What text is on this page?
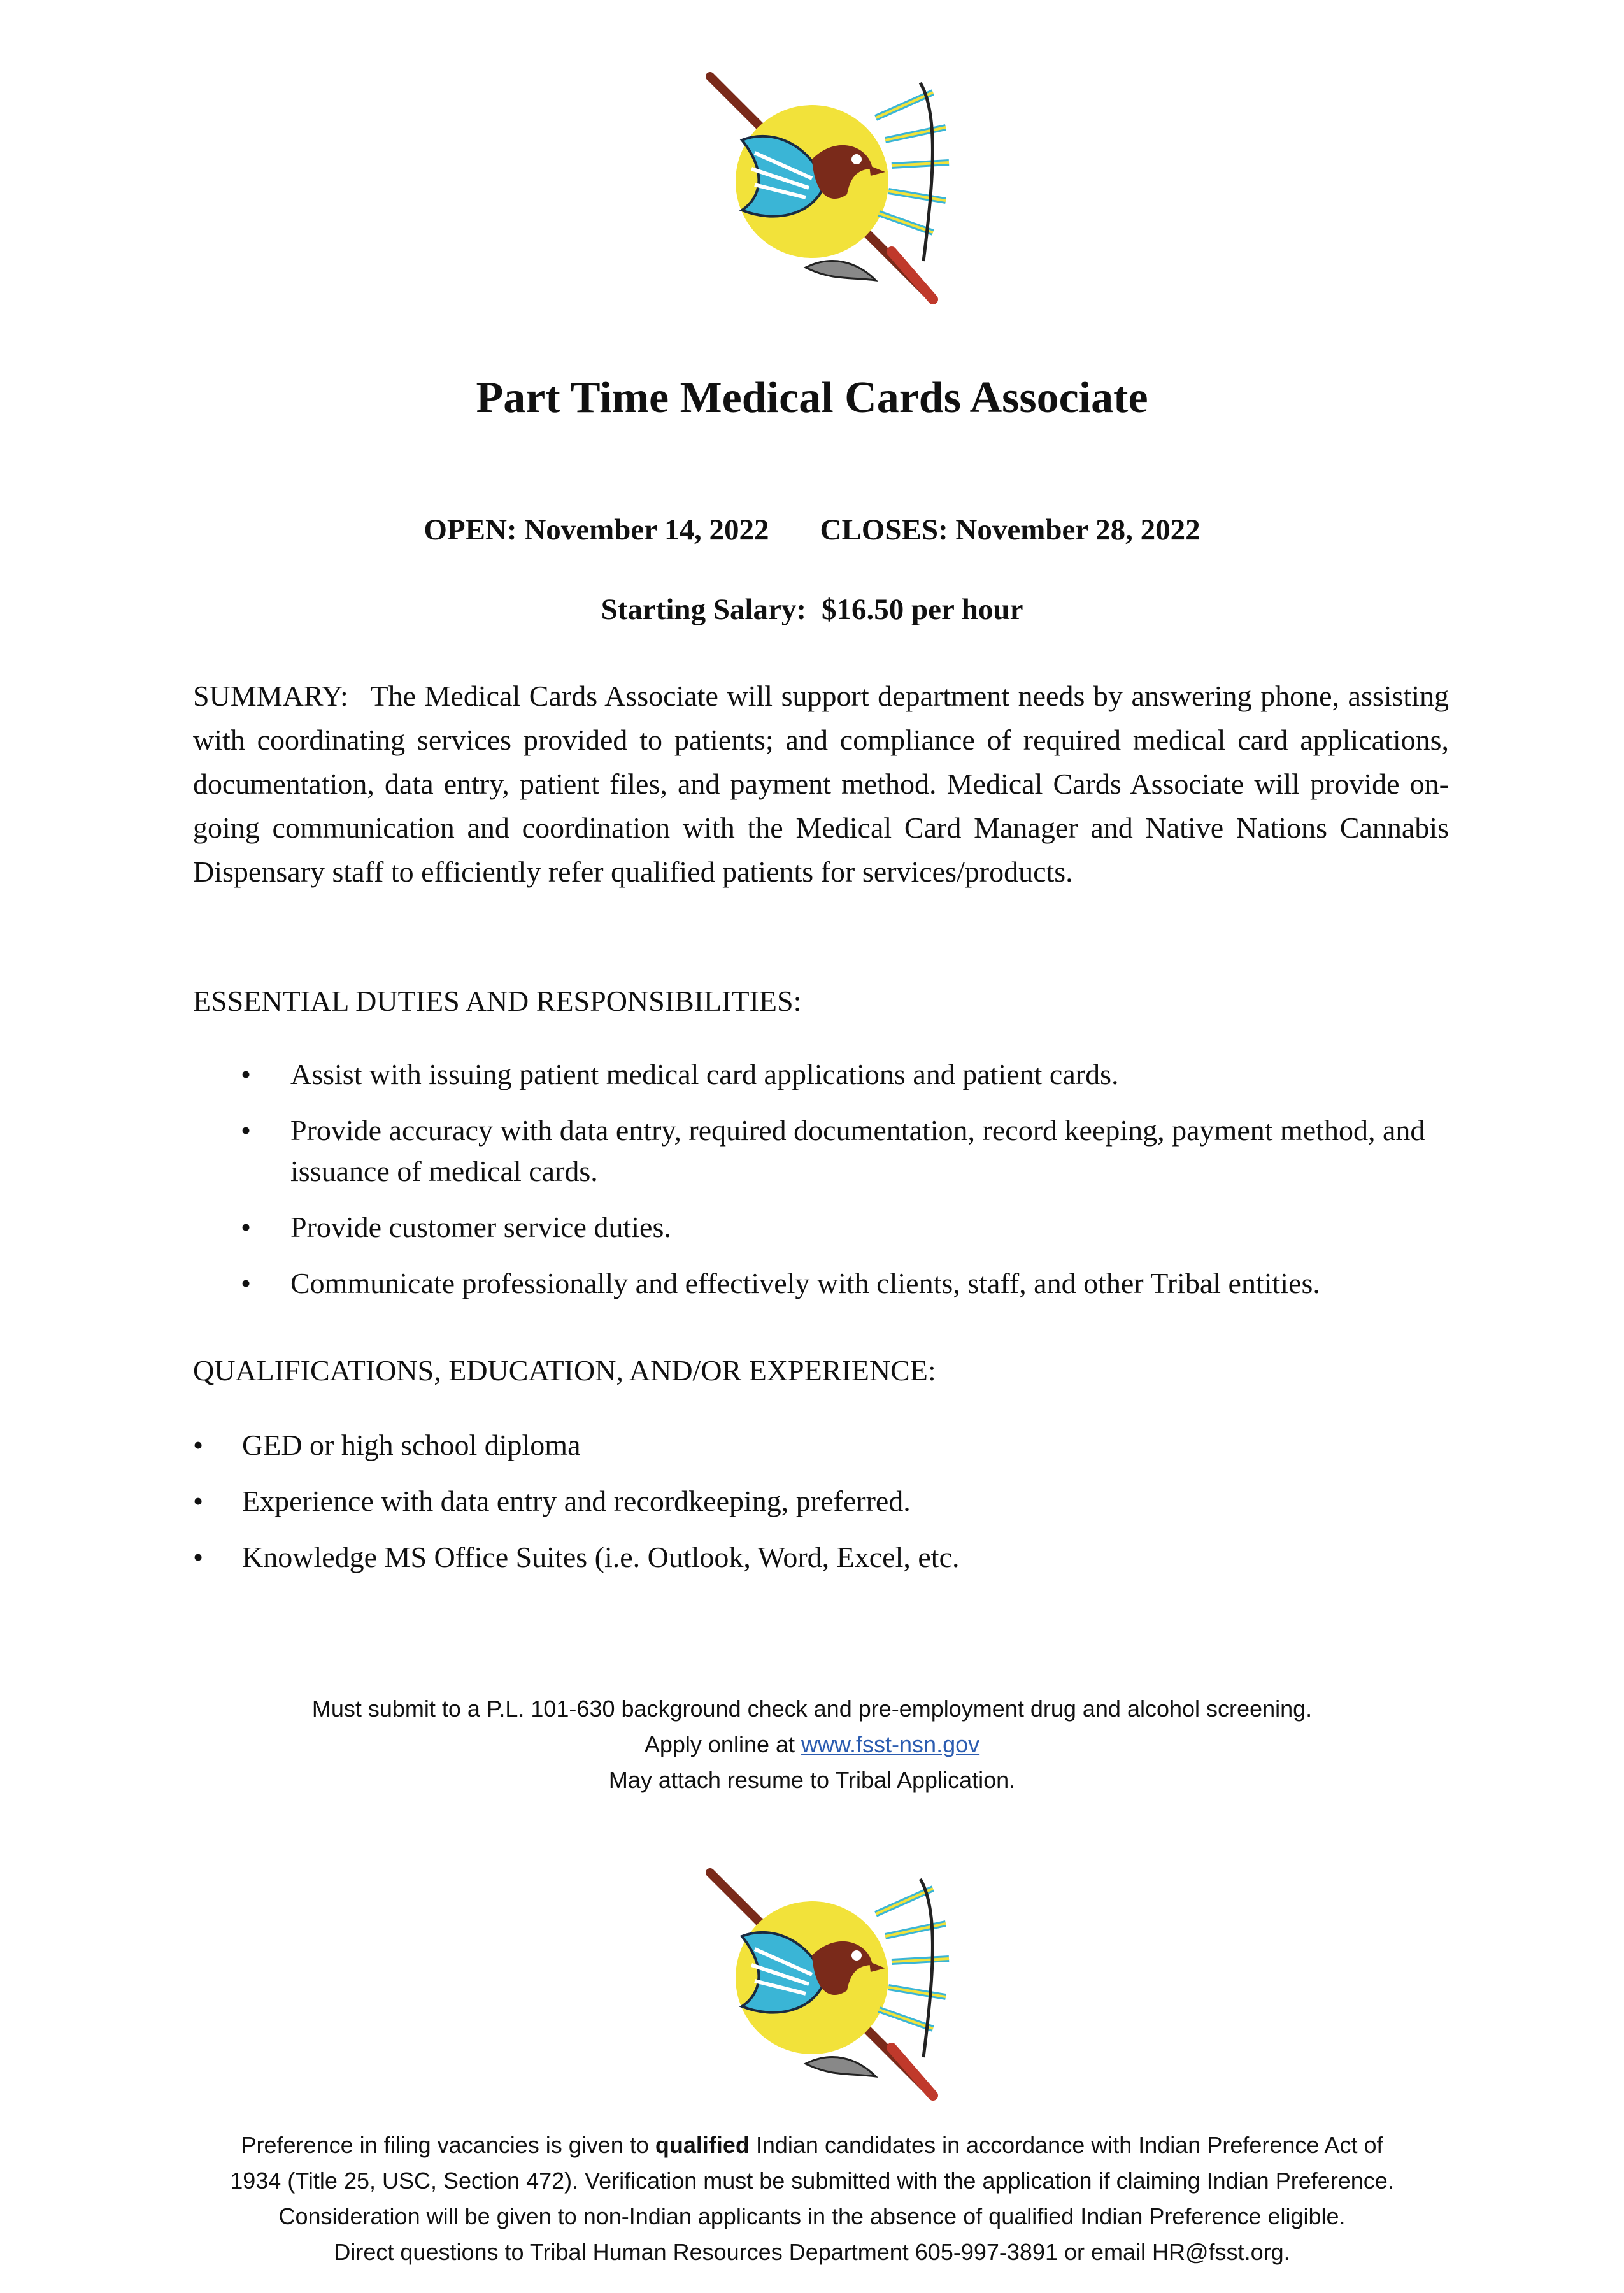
Part Time Medical Cards Associate
OPEN: November 14, 2022 CLOSES: November 28, 2022
Starting Salary: $16.50 per hour

SUMMARY: The Medical Cards Associate will support department needs by answering phone, assisting with coordinating services provided to patients; and compliance of required medical card applications, documentation, data entry, patient files, and payment method. Medical Cards Associate will provide on-going communication and coordination with the Medical Card Manager and Native Nations Cannabis Dispensary staff to efficiently refer qualified patients for services/products.

ESSENTIAL DUTIES AND RESPONSIBILITIES:
• Assist with issuing patient medical card applications and patient cards.
• Provide accuracy with data entry, required documentation, record keeping, payment method, and issuance of medical cards.
• Provide customer service duties.
• Communicate professionally and effectively with clients, staff, and other Tribal entities.
QUALIFICATIONS, EDUCATION, AND/OR EXPERIENCE:
• GED or high school diploma
• Experience with data entry and recordkeeping, preferred.
• Knowledge MS Office Suites (i.e. Outlook, Word, Excel, etc.
Must submit to a P.L. 101-630 background check and pre-employment drug and alcohol screening.
Apply online at www.fsst-nsn.gov
May attach resume to Tribal Application.
Preference in filing vacancies is given to qualified Indian candidates in accordance with Indian Preference Act of
1934 (Title 25, USC, Section 472). Verification must be submitted with the application if claiming Indian Preference.
Consideration will be given to non-Indian applicants in the absence of qualified Indian Preference eligible.
Direct questions to Tribal Human Resources Department 605-997-3891 or email HR@fsst.org.
